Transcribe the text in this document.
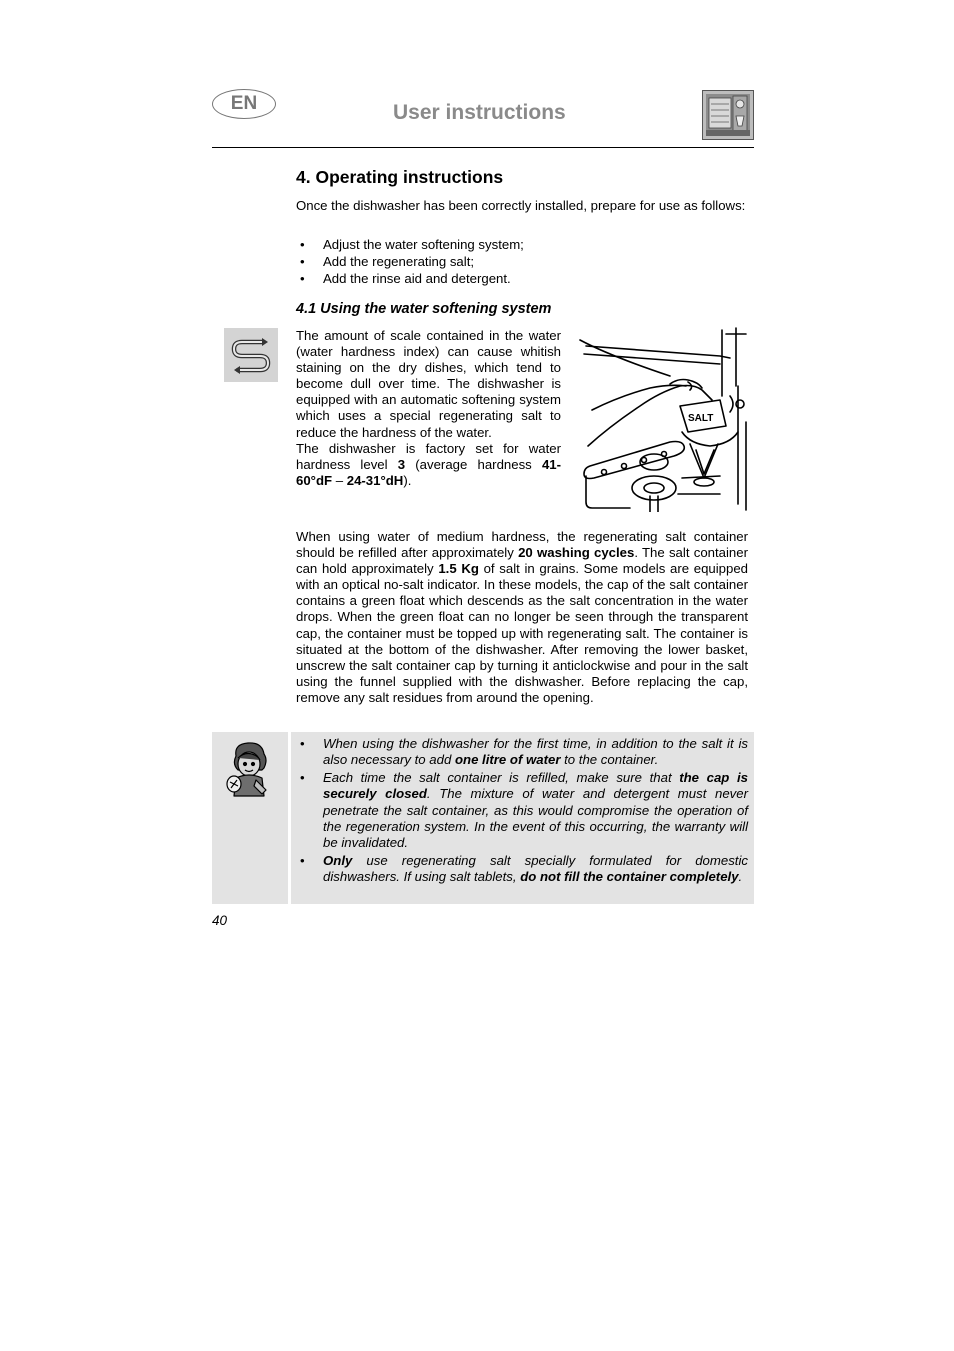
EN	User instructions
4. Operating instructions
Once the dishwasher has been correctly installed, prepare for use as follows:
• Adjust the water softening system;
• Add the regenerating salt;
• Add the rinse aid and detergent.
4.1 Using the water softening system
The amount of scale contained in the water (water hardness index) can cause whitish staining on the dry dishes, which tend to become dull over time. The dishwasher is equipped with an automatic softening system which uses a special regenerating salt to reduce the hardness of the water.
The dishwasher is factory set for water hardness level 3 (average hardness 41-60°dF – 24-31°dH).
SALT
When using water of medium hardness, the regenerating salt container should be refilled after approximately 20 washing cycles. The salt container can hold approximately 1.5 Kg of salt in grains. Some models are equipped with an optical no-salt indicator. In these models, the cap of the salt container contains a green float which descends as the salt concentration in the water drops. When the green float can no longer be seen through the transparent cap, the container must be topped up with regenerating salt. The container is situated at the bottom of the dishwasher. After removing the lower basket, unscrew the salt container cap by turning it anticlockwise and pour in the salt using the funnel supplied with the dishwasher. Before replacing the cap, remove any salt residues from around the opening.
• When using the dishwasher for the first time, in addition to the salt it is also necessary to add one litre of water to the container.
• Each time the salt container is refilled, make sure that the cap is securely closed. The mixture of water and detergent must never penetrate the salt container, as this would compromise the operation of the regeneration system. In the event of this occurring, the warranty will be invalidated.
• Only use regenerating salt specially formulated for domestic dishwashers. If using salt tablets, do not fill the container completely.
40
